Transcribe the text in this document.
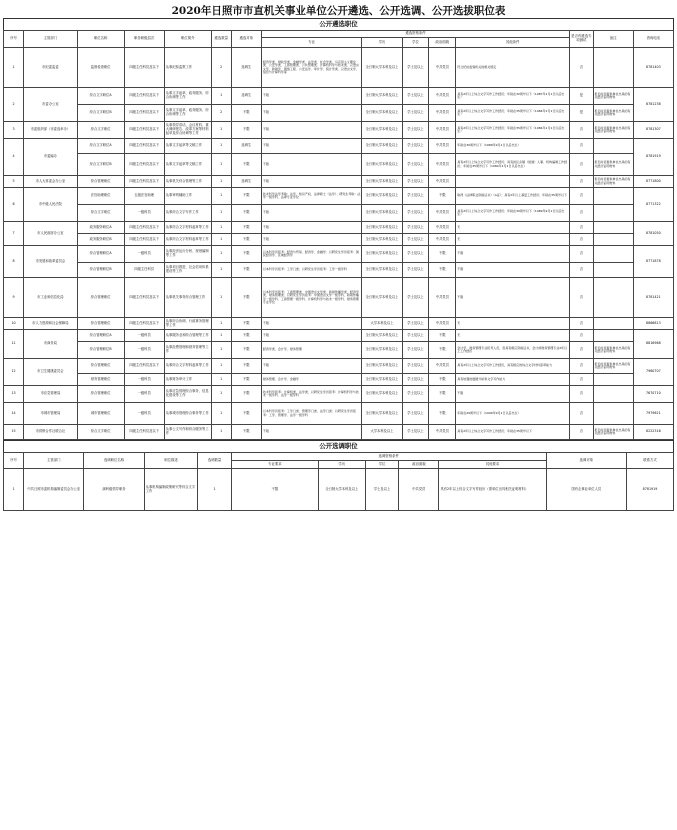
2020年日照市市直机关事业单位公开遴选、公开选调、公开选拔职位表
公开遴选职位
序号	主管部门	职位名称	职务职级层次	职位简介	遴选数量	遴选对象	遴选资格条件					是否有遴选专项测试	备注	咨询电话
							专业	学历	学位	政治面貌	其他条件			
1	市纪委监委	监督检查职位	四级主任科员及以下	从事纪检监察工作	2	选调生	经济学类、财政学类、金融学类、法学类、社会学类、马克思主义理论类、公安学类、工商管理类、公共管理类、计算机科学与技术类、汉语言文学、新闻学、网络工程、公安法学、审计学、统计学类、汉语言文学、信息与计算科学等	全日制大学本科及以上	学士及以上	中共党员	符合纪检监察机关的相关规定	否		8781403
2	市委办公室	综合文字职位A	四级主任科员及以下	从事文字起草、政务服务、综合协调等工作	1	选调生	不限	全日制大学本科及以上	学士及以上	中共党员	具有2年以上综合文字写作工作经历；年龄在32周岁以下（1987年1月1日以后出生）	是	报名时需提供单位出具的有关经历证明材料	8781238
		综合文字职位B	四级主任科员及以下	从事文字起草、政务服务、综合协调等工作	2	不限	不限	全日制大学本科及以上	学士及以上	中共党员	具有2年以上综合文字写作工作经历；年龄在35周岁以下（1984年1月1日以后出生）	是	报名时需提供单位出具的有关经历证明材料	
3	市委组织部（市委选举办）	综合文字职位	四级主任科员及以下	从事领导讲话、会议材料、重大调研报告、改革方案等材料起草及综合协调等工作	1	不限	不限	全日制大学本科及以上	学士及以上	中共党员	具有2年以上综合文字写作工作经历；年龄在35周岁以下（1984年1月1日以后出生）	否	报名时需提供单位出具的有关经历证明材料	8781307
4	市委编办	综合文字职位A	四级主任科员及以下	从事文字起草等文稿工作	1	选调生	不限	全日制大学本科及以上	学士及以上	中共党员	年龄在30周岁以下（1989年9月1日以后出生）	否		8781919
		综合文字职位B	四级主任科员及以下	从事文字起草等文稿工作	1	不限	不限	全日制大学本科及以上	学士及以上	中共党员	具有2年以上综合文字写作工作经历；具有担任乡镇（街道）人事、机构编制工作经历；年龄在35周岁以下（1984年1月1日以后出生）	否	报名时需提供单位出具的有关经历证明材料	
5	市人大常委会办公室	综合管理职位	四级主任科员及以下	从事机关综合管理等工作	1	选调生	不限	全日制大学本科及以上	学士及以上	中共党员		否	报名时需提供单位出具的有关经历证明材料	8771800
6	市中级人民法院	法官助理职位	五级法官助理	从事审判辅助工作	1	不限	技术科学法学考取：法学、知识产权、法律硕士（法学）；研究生考取：法学一级学科、法律专业学位	全日制大学本科及以上	学士及以上	不限	取得《法律职业资格证书》（A证）；具有2年以上基层工作经历；年龄在35周岁以下	否		8771322
		综合文字职位	一级科员	从事综合文字写作工作	1	不限	不限	全日制大学本科及以上	学士及以上	中共党员	具有2年以上综合文字写作工作经历；年龄在30周岁以下（1989年9月1日以后出生）	否		
7	市人民政府办公室	政务服务职位A	四级主任科员及以下	从事综合文字材料起草等工作	1	不限	不限	全日制大学本科及以上	学士及以上	中共党员	无	否		8781050
		政务服务职位B	四级主任科员及以下	从事综合文字材料起草等工作	1	不限	不限	全日制大学本科及以上	学士及以上	中共党员	无	否		
8	市发展和改革委员会	综合管理职位A	一级科员	从事经济运行分析、规划编制等工作	1	不限	以本科学历报考：经济与贸易、经济学、金融学；以研究生学历报考：国民经济学、区域经济学	全日制大学本科及以上	学士及以上	不限	不限	否		8771878
		综合管理职位B	四级主任科员	从事项目推进、社会信用体系建设等工作	1	不限	以本科学历报考：工学门类；以研究生学历报考：工学一级学科	全日制大学本科及以上	学士及以上	不限	不限	否		
9	市工业和信息化局	综合管理职位	四级主任科员及以下	从事机关事务综合管理工作	1	不限	以本科学历报考：工商管理类、中国语言文学类、新闻传播学类、经济学类、财务管理类；以研究生学历报考：中国语言文学一级学科、新闻传播学一级学科、工商管理一级学科、计算机科学与技术一级学科、财务管理专业学位	全日制大学本科及以上	学士及以上	中共党员	不限	否		8781421
10	市人力资源和社会保障局	综合管理职位	四级主任科员及以下	从事综合协调、行政事务管理等工作	1	不限	不限	大学本科及以上	学士及以上	中共党员	无	否		8866813
11	市商务局	综合管理职位A	一级科员	从事服务业和综合管理等工作	1	不限	不限	全日制大学本科及以上	学士及以上	不限	无	否		8816968
		综合管理职位B	一级科员	从事经费管理和财务管理等工作	1	不限	经济学类、会计学、财务管理	全日制大学本科及以上	学士及以上	不限	会计学、财务管理专业报考人员，需具有相应资格证书，会计或财务管理专业2年以上工作经历	否	报名时需提供单位出具的有关经历证明材料	
12	市卫生健康委员会	综合管理职位	四级主任科员及以下	从事综合文字材料起草等工作	1	不限	不限	全日制大学本科及以上	学士及以上	中共党员	具有2年以上综合文字写作工作经历，具有相应的综合文字材料起草能力	否	报名时需提供单位出具的有关经历证明材料	7960707
		财务管理职位	一级科员	从事财务审计工作	1	不限	财务管理、会计学、金融学	全日制大学本科及以上	学士及以上	不限	具有较强的数据分析和文字写作能力	否		
13	市应急管理局	综合管理职位	一级科员	从事应急管理综合事务、信息化建设等工作	1	不限	技术科学报考：计算机类、法学类；以研究生学历报考：计算机科学与技术一级学科、法学一级学科	全日制大学本科及以上	学士及以上	不限	不限	否		7670710
14	市城市管理局	城市管理职位	一级科员	从事城市管理综合事务等工作	1	不限	以本科学历报考：工学门类、管理学门类、法学门类；以研究生学历报考：工学、管理学、法学一级学科	全日制大学本科及以上	学士及以上	不限	年龄在29周岁以下（1990年9月1日以后出生）	否		7979621
15	市供销合作社联合社	综合文字职位	四级主任科员及以下	从事公文写作和综合服务等工作	1	不限	不限	大学本科及以上	学士及以上	中共党员	具有2年以上综合文字写作工作经历；年龄在35周岁以下	否	报名时需提供单位出具的有关经历证明材料	8222316
公开选调职位
序号	主管部门	选调职位名称	职位描述	选调数量	选调资格条件					选调对象	联系方式
					专业要求	学历	学位	政治面貌	其他要求		
1	中共日照市委机构编制委员会办公室	副科级领导职务	从事机构编制政策研究等综合文字工作	1	不限	全日制大学本科及以上	学士及以上	中共党员	具有2年以上综合文字写作经历（需单位出具相关证明材料）	国有企事业单位人员	8781919
